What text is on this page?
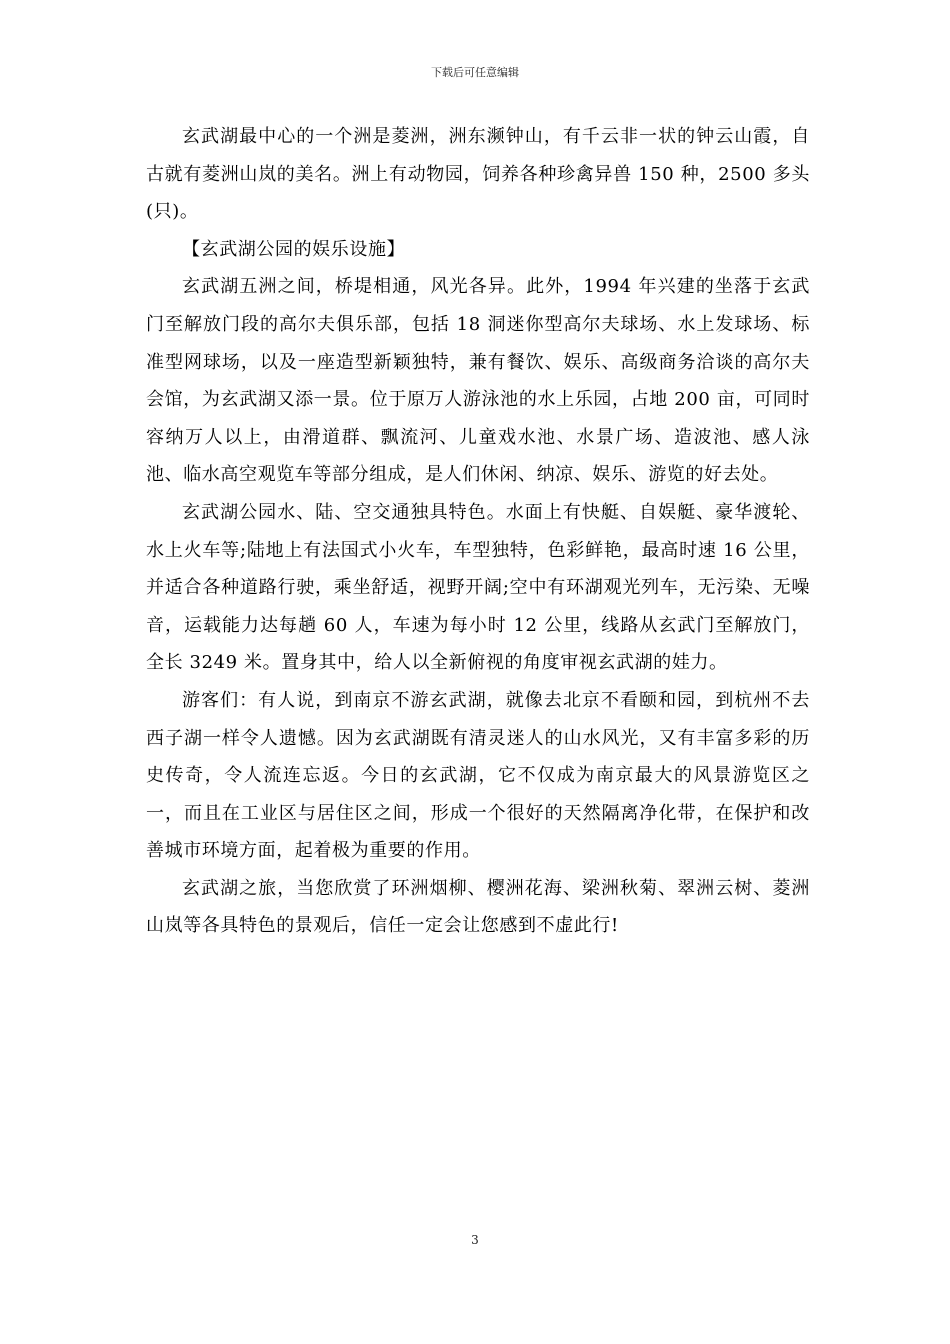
下载后可任意编辑

玄武湖最中心的一个洲是菱洲，洲东濒钟山，有千云非一状的钟云山霞，自古就有菱洲山岚的美名。洲上有动物园，饲养各种珍禽异兽 150 种，2500 多头(只)。

【玄武湖公园的娱乐设施】

玄武湖五洲之间，桥堤相通，风光各异。此外，1994 年兴建的坐落于玄武门至解放门段的高尔夫俱乐部，包括 18 洞迷你型高尔夫球场、水上发球场、标准型网球场，以及一座造型新颖独特，兼有餐饮、娱乐、高级商务洽谈的高尔夫会馆，为玄武湖又添一景。位于原万人游泳池的水上乐园，占地 200 亩，可同时容纳万人以上，由滑道群、飘流河、儿童戏水池、水景广场、造波池、感人泳池、临水高空观览车等部分组成，是人们休闲、纳凉、娱乐、游览的好去处。

玄武湖公园水、陆、空交通独具特色。水面上有快艇、自娱艇、豪华渡轮、水上火车等;陆地上有法国式小火车，车型独特，色彩鲜艳，最高时速 16 公里，并适合各种道路行驶，乘坐舒适，视野开阔;空中有环湖观光列车，无污染、无噪音，运载能力达每趟 60 人，车速为每小时 12 公里，线路从玄武门至解放门，全长 3249 米。置身其中，给人以全新俯视的角度审视玄武湖的娃力。

游客们：有人说，到南京不游玄武湖，就像去北京不看颐和园，到杭州不去西子湖一样令人遗憾。因为玄武湖既有清灵迷人的山水风光，又有丰富多彩的历史传奇，令人流连忘返。今日的玄武湖，它不仅成为南京最大的风景游览区之一，而且在工业区与居住区之间，形成一个很好的天然隔离净化带，在保护和改善城市环境方面，起着极为重要的作用。

玄武湖之旅，当您欣赏了环洲烟柳、樱洲花海、梁洲秋菊、翠洲云树、菱洲山岚等各具特色的景观后，信任一定会让您感到不虚此行!

3
